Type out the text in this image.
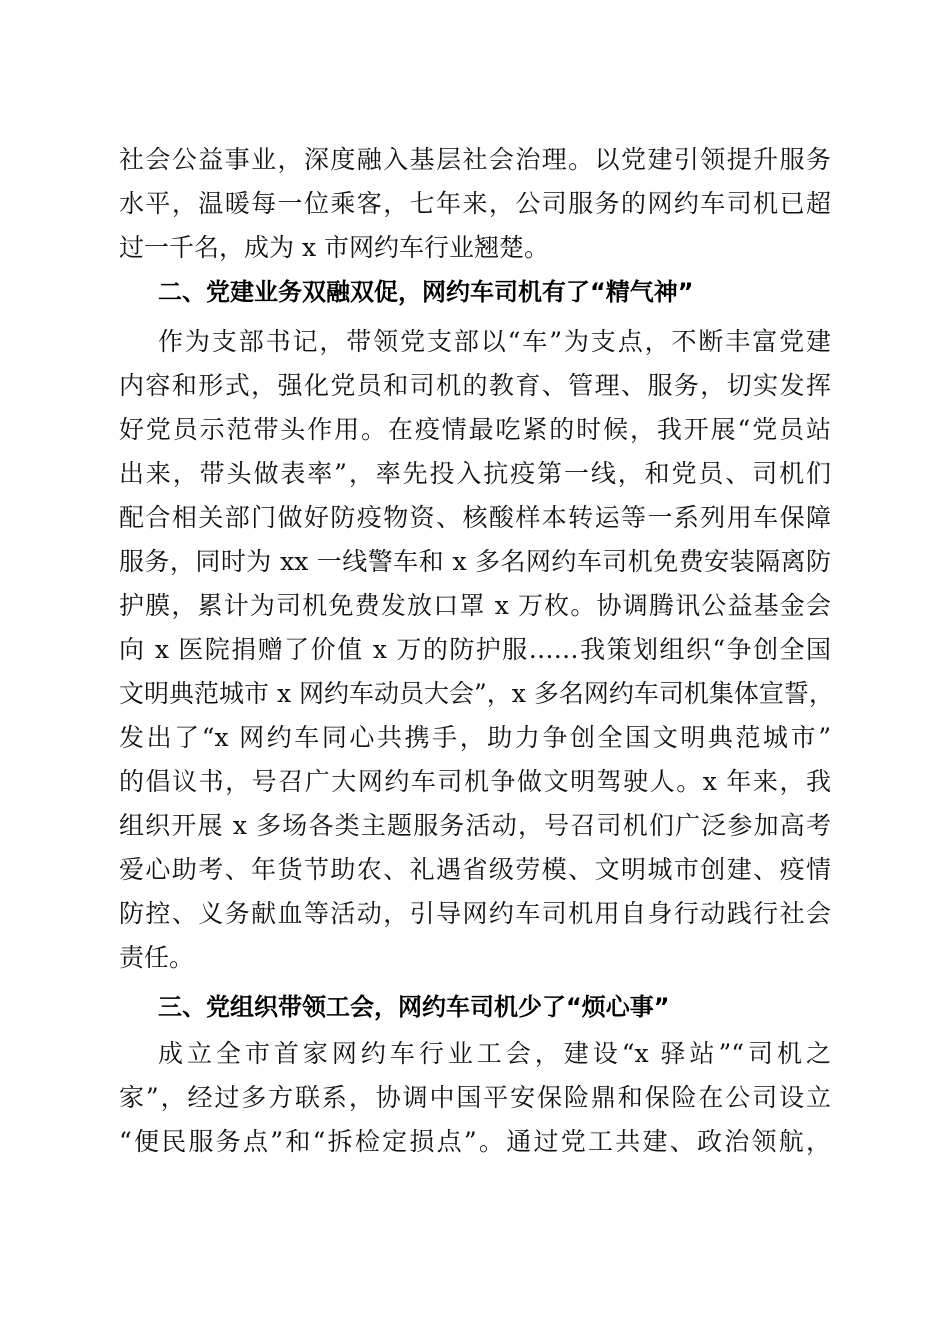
社会公益事业，深度融入基层社会治理。以党建引领提升服务
水平，温暖每一位乘客，七年来，公司服务的网约车司机已超
过一千名，成为 x 市网约车行业翘楚。
二、党建业务双融双促，网约车司机有了“精气神”
作为支部书记，带领党支部以“车”为支点，不断丰富党建
内容和形式，强化党员和司机的教育、管理、服务，切实发挥
好党员示范带头作用。在疫情最吃紧的时候，我开展“党员站
出来，带头做表率”，率先投入抗疫第一线，和党员、司机们
配合相关部门做好防疫物资、核酸样本转运等一系列用车保障
服务，同时为 xx 一线警车和 x 多名网约车司机免费安装隔离防
护膜，累计为司机免费发放口罩 x 万枚。协调腾讯公益基金会
向 x 医院捐赠了价值 x 万的防护服……我策划组织“争创全国
文明典范城市 x 网约车动员大会”，x 多名网约车司机集体宣誓，
发出了“x 网约车同心共携手，助力争创全国文明典范城市”
的倡议书，号召广大网约车司机争做文明驾驶人。x 年来，我
组织开展 x 多场各类主题服务活动，号召司机们广泛参加高考
爱心助考、年货节助农、礼遇省级劳模、文明城市创建、疫情
防控、义务献血等活动，引导网约车司机用自身行动践行社会
责任。
三、党组织带领工会，网约车司机少了“烦心事”
成立全市首家网约车行业工会，建设“x 驿站”“司机之
家”，经过多方联系，协调中国平安保险鼎和保险在公司设立
“便民服务点”和“拆检定损点”。通过党工共建、政治领航，
